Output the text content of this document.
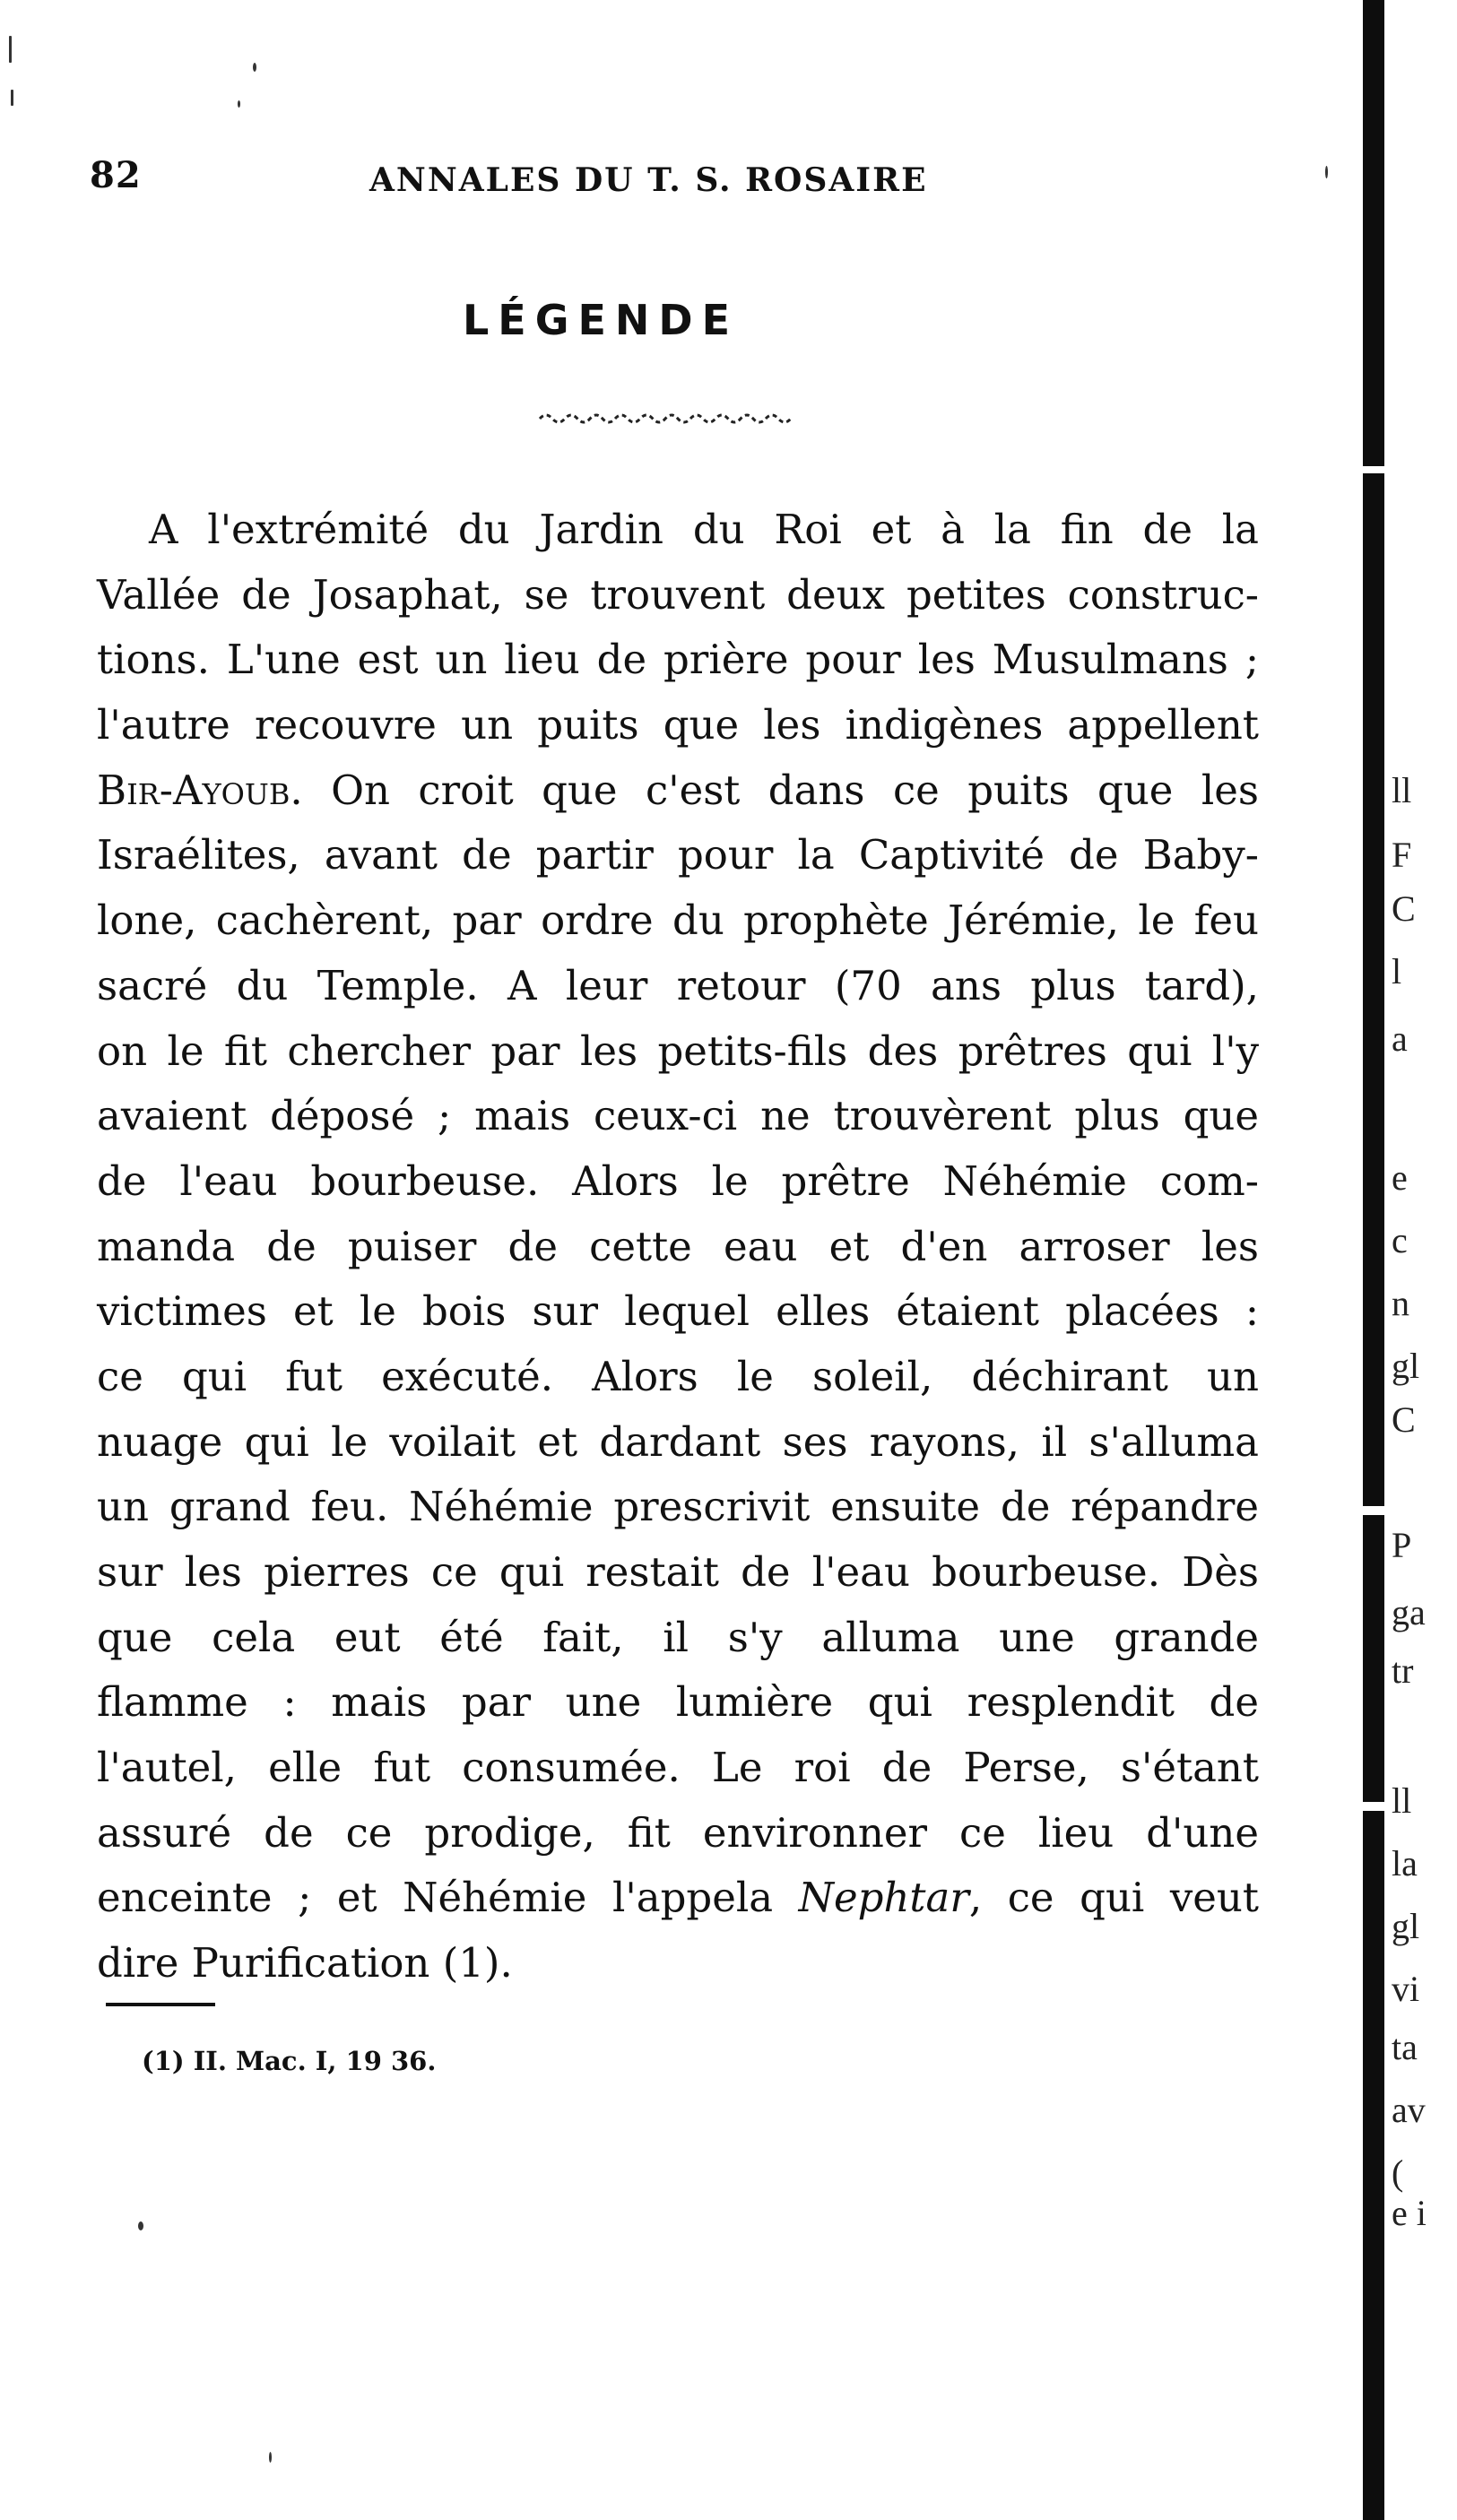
82	ANNALES DU T. S. ROSAIRE
LÉGENDE
A l'extrémité du Jardin du Roi et à la fin de la
Vallée de Josaphat, se trouvent deux petites construc-
tions. L'une est un lieu de prière pour les Musulmans ;
l'autre recouvre un puits que les indigènes appellent
Bir-Ayoub. On croit que c'est dans ce puits que les
Israélites, avant de partir pour la Captivité de Baby-
lone, cachèrent, par ordre du prophète Jérémie, le feu
sacré du Temple. A leur retour (70 ans plus tard),
on le fit chercher par les petits-fils des prêtres qui l'y
avaient déposé ; mais ceux-ci ne trouvèrent plus que
de l'eau bourbeuse. Alors le prêtre Néhémie com-
manda de puiser de cette eau et d'en arroser les
victimes et le bois sur lequel elles étaient placées :
ce qui fut exécuté. Alors le soleil, déchirant un
nuage qui le voilait et dardant ses rayons, il s'alluma
un grand feu. Néhémie prescrivit ensuite de répandre
sur les pierres ce qui restait de l'eau bourbeuse. Dès
que cela eut été fait, il s'y alluma une grande
flamme : mais par une lumière qui resplendit de
l'autel, elle fut consumée. Le roi de Perse, s'étant
assuré de ce prodige, fit environner ce lieu d'une
enceinte ; et Néhémie l'appela Nephtar, ce qui veut
dire Purification (1).
(1) II. Mac. I, 19 36.
ll
F
C
l
a
e
c
n
gl
C
P
ga
tr
ll
la
gl
vi
ta
av
(
e i
